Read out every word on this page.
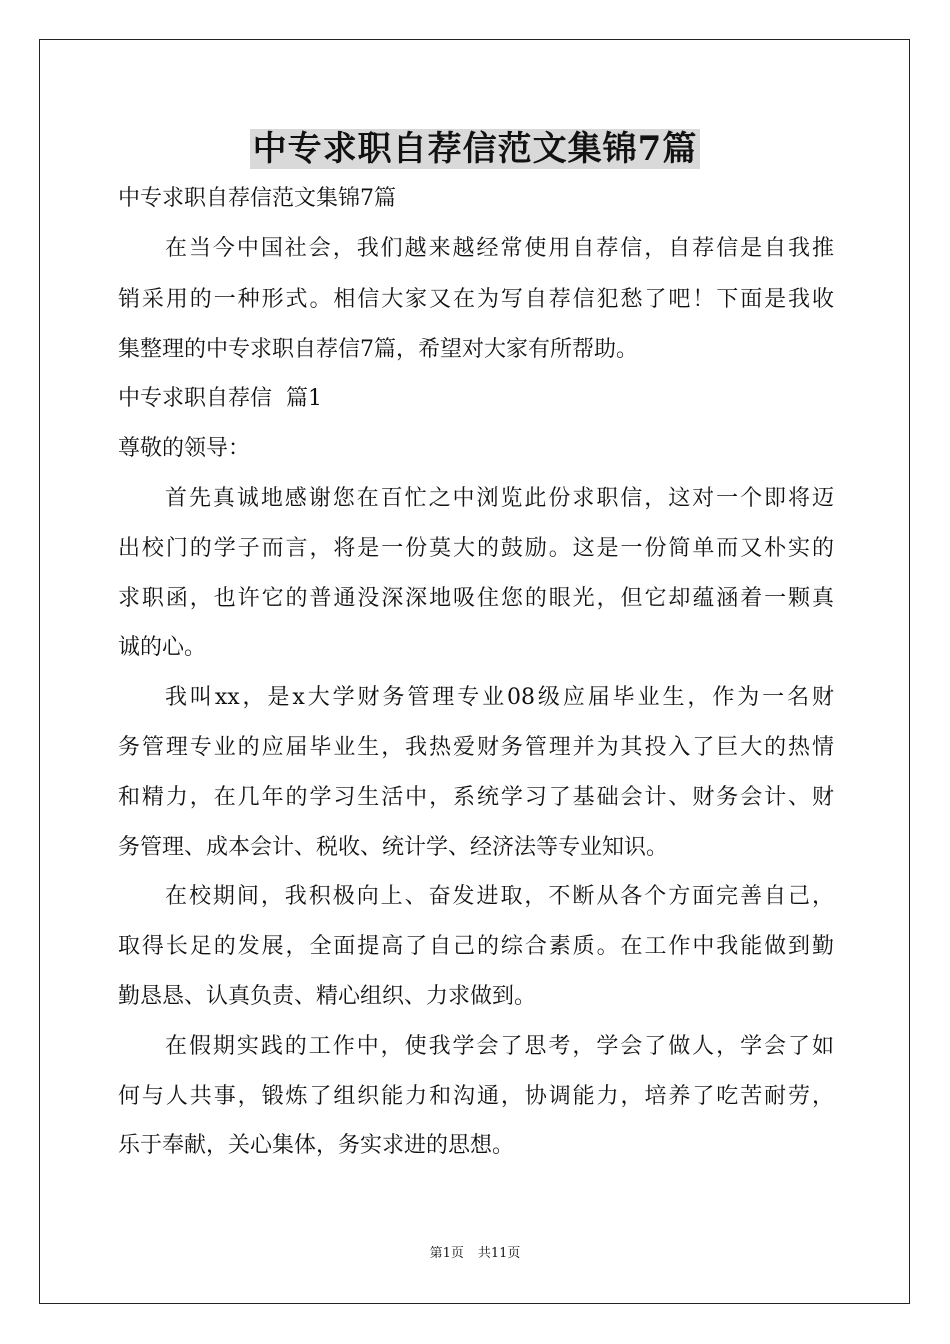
中专求职自荐信范文集锦7篇

中专求职自荐信范文集锦7篇

在当今中国社会，我们越来越经常使用自荐信，自荐信是自我推

销采用的一种形式。相信大家又在为写自荐信犯愁了吧！下面是我收

集整理的中专求职自荐信7篇，希望对大家有所帮助。

中专求职自荐信  篇1

尊敬的领导：

首先真诚地感谢您在百忙之中浏览此份求职信，这对一个即将迈

出校门的学子而言，将是一份莫大的鼓励。这是一份简单而又朴实的

求职函，也许它的普通没深深地吸住您的眼光，但它却蕴涵着一颗真

诚的心。

我叫xx，是x大学财务管理专业08级应届毕业生，作为一名财

务管理专业的应届毕业生，我热爱财务管理并为其投入了巨大的热情

和精力，在几年的学习生活中，系统学习了基础会计、财务会计、财

务管理、成本会计、税收、统计学、经济法等专业知识。

在校期间，我积极向上、奋发进取，不断从各个方面完善自己，

取得长足的发展，全面提高了自己的综合素质。在工作中我能做到勤

勤恳恳、认真负责、精心组织、力求做到。

在假期实践的工作中，使我学会了思考，学会了做人，学会了如

何与人共事，锻炼了组织能力和沟通，协调能力，培养了吃苦耐劳，

乐于奉献，关心集体，务实求进的思想。

第1页 共11页
